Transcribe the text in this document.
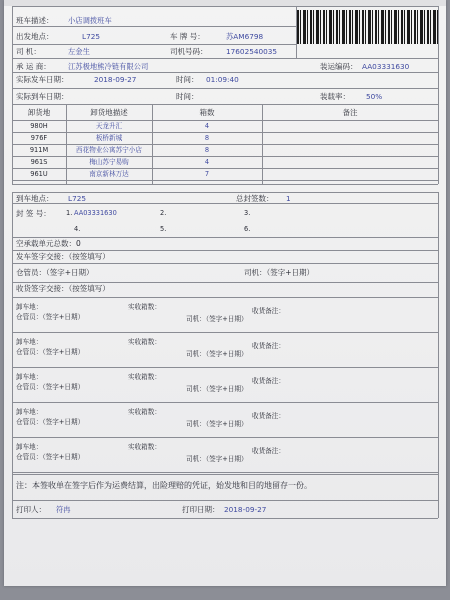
班车描述： 小店调拨班车
出发地点：	L725	车 牌 号：	苏AM6798
司 机：	左金生	司机号码：	17602540035
承 运 商： 江苏极地熊冷链有限公司	装运编码： AA03331630
实际发车日期：	2018-09-27	时间： 01:09:40
实际到车日期：	时间：	装载率： 50%
到车地点： L725	总封签数： 1
封 签 号： 1. AA03331630	2.	3.
4.	5.	6.
空承载单元总数：0
发车签字交接：（按签填写）
仓管员：（签字+日期）	司机：（签字+日期）
收货签字交接：（按签填写）
注：本签收单在签字后作为运费结算，出险理赔的凭证，始发地和目的地留存一份。
打印人： 符冉	打印日期： 2018-09-27
卸货地	卸货地描述	箱数	备注
980H	天龙升汇	4
976F	板桥新城	8
911M	西花物业公寓苏宁小店	8
961S	梅山苏宁易购	4
961U	南京新林万达	7
卸车地：	实收箱数：	收货备注：
仓管员：（签字+日期）	司机：（签字+日期）
卸车地：	实收箱数：	收货备注：
仓管员：（签字+日期）	司机：（签字+日期）
卸车地：	实收箱数：	收货备注：
仓管员：（签字+日期）	司机：（签字+日期）
卸车地：	实收箱数：	收货备注：
仓管员：（签字+日期）	司机：（签字+日期）
卸车地：	实收箱数：	收货备注：
仓管员：（签字+日期）	司机：（签字+日期）
